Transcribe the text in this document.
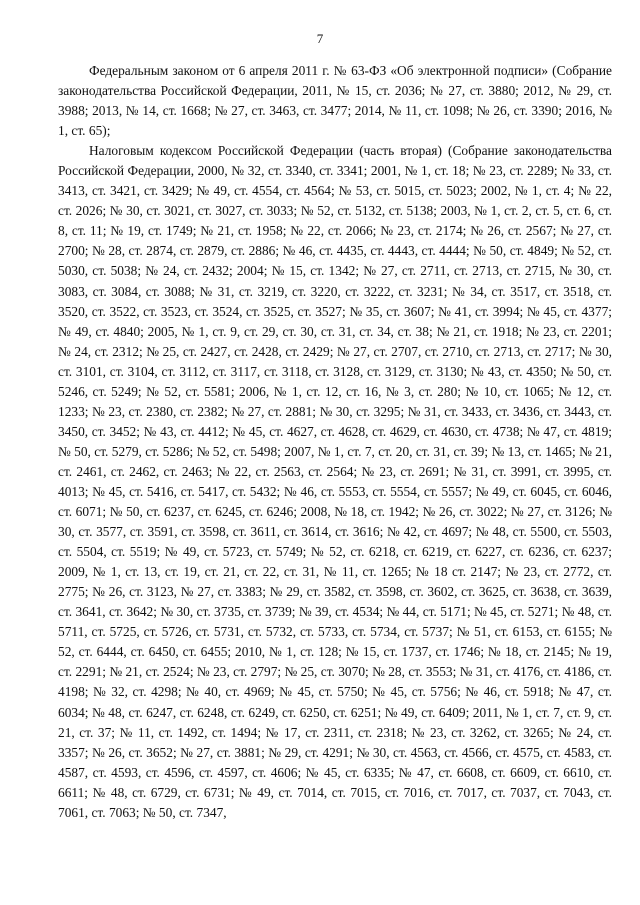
7

Федеральным законом от 6 апреля 2011 г. № 63-ФЗ «Об электронной подписи» (Собрание законодательства Российской Федерации, 2011, № 15, ст. 2036; № 27, ст. 3880; 2012, № 29, ст. 3988; 2013, № 14, ст. 1668; № 27, ст. 3463, ст. 3477; 2014, № 11, ст. 1098; № 26, ст. 3390; 2016, № 1, ст. 65);

Налоговым кодексом Российской Федерации (часть вторая) (Собрание законодательства Российской Федерации, 2000, № 32, ст. 3340, ст. 3341; 2001, № 1, ст. 18; № 23, ст. 2289; № 33, ст. 3413, ст. 3421, ст. 3429; № 49, ст. 4554, ст. 4564; № 53, ст. 5015, ст. 5023; 2002, № 1, ст. 4; № 22, ст. 2026; № 30, ст. 3021, ст. 3027, ст. 3033; № 52, ст. 5132, ст. 5138; 2003, № 1, ст. 2, ст. 5, ст. 6, ст. 8, ст. 11; № 19, ст. 1749; № 21, ст. 1958; № 22, ст. 2066; № 23, ст. 2174; № 26, ст. 2567; № 27, ст. 2700; № 28, ст. 2874, ст. 2879, ст. 2886; № 46, ст. 4435, ст. 4443, ст. 4444; № 50, ст. 4849; № 52, ст. 5030, ст. 5038; № 24, ст. 2432; 2004; № 15, ст. 1342; № 27, ст. 2711, ст. 2713, ст. 2715, № 30, ст. 3083, ст. 3084, ст. 3088; № 31, ст. 3219, ст. 3220, ст. 3222, ст. 3231; № 34, ст. 3517, ст. 3518, ст. 3520, ст. 3522, ст. 3523, ст. 3524, ст. 3525, ст. 3527; № 35, ст. 3607; № 41, ст. 3994; № 45, ст. 4377; № 49, ст. 4840; 2005, № 1, ст. 9, ст. 29, ст. 30, ст. 31, ст. 34, ст. 38; № 21, ст. 1918; № 23, ст. 2201; № 24, ст. 2312; № 25, ст. 2427, ст. 2428, ст. 2429; № 27, ст. 2707, ст. 2710, ст. 2713, ст. 2717; № 30, ст. 3101, ст. 3104, ст. 3112, ст. 3117, ст. 3118, ст. 3128, ст. 3129, ст. 3130; № 43, ст. 4350; № 50, ст. 5246, ст. 5249; № 52, ст. 5581; 2006, № 1, ст. 12, ст. 16, № 3, ст. 280; № 10, ст. 1065; № 12, ст. 1233; № 23, ст. 2380, ст. 2382; № 27, ст. 2881; № 30, ст. 3295; № 31, ст. 3433, ст. 3436, ст. 3443, ст. 3450, ст. 3452; № 43, ст. 4412; № 45, ст. 4627, ст. 4628, ст. 4629, ст. 4630, ст. 4738; № 47, ст. 4819; № 50, ст. 5279, ст. 5286; № 52, ст. 5498; 2007, № 1, ст. 7, ст. 20, ст. 31, ст. 39; № 13, ст. 1465; № 21, ст. 2461, ст. 2462, ст. 2463; № 22, ст. 2563, ст. 2564; № 23, ст. 2691; № 31, ст. 3991, ст. 3995, ст. 4013; № 45, ст. 5416, ст. 5417, ст. 5432; № 46, ст. 5553, ст. 5554, ст. 5557; № 49, ст. 6045, ст. 6046, ст. 6071; № 50, ст. 6237, ст. 6245, ст. 6246; 2008, № 18, ст. 1942; № 26, ст. 3022; № 27, ст. 3126; № 30, ст. 3577, ст. 3591, ст. 3598, ст. 3611, ст. 3614, ст. 3616; № 42, ст. 4697; № 48, ст. 5500, ст. 5503, ст. 5504, ст. 5519; № 49, ст. 5723, ст. 5749; № 52, ст. 6218, ст. 6219, ст. 6227, ст. 6236, ст. 6237; 2009, № 1, ст. 13, ст. 19, ст. 21, ст. 22, ст. 31, № 11, ст. 1265; № 18 ст. 2147; № 23, ст. 2772, ст. 2775; № 26, ст. 3123, № 27, ст. 3383; № 29, ст. 3582, ст. 3598, ст. 3602, ст. 3625, ст. 3638, ст. 3639, ст. 3641, ст. 3642; № 30, ст. 3735, ст. 3739; № 39, ст. 4534; № 44, ст. 5171; № 45, ст. 5271; № 48, ст. 5711, ст. 5725, ст. 5726, ст. 5731, ст. 5732, ст. 5733, ст. 5734, ст. 5737; № 51, ст. 6153, ст. 6155; № 52, ст. 6444, ст. 6450, ст. 6455; 2010, № 1, ст. 128; № 15, ст. 1737, ст. 1746; № 18, ст. 2145; № 19, ст. 2291; № 21, ст. 2524; № 23, ст. 2797; № 25, ст. 3070; № 28, ст. 3553; № 31, ст. 4176, ст. 4186, ст. 4198; № 32, ст. 4298; № 40, ст. 4969; № 45, ст. 5750; № 45, ст. 5756; № 46, ст. 5918; № 47, ст. 6034; № 48, ст. 6247, ст. 6248, ст. 6249, ст. 6250, ст. 6251; № 49, ст. 6409; 2011, № 1, ст. 7, ст. 9, ст. 21, ст. 37; № 11, ст. 1492, ст. 1494; № 17, ст. 2311, ст. 2318; № 23, ст. 3262, ст. 3265; № 24, ст. 3357; № 26, ст. 3652; № 27, ст. 3881; № 29, ст. 4291; № 30, ст. 4563, ст. 4566, ст. 4575, ст. 4583, ст. 4587, ст. 4593, ст. 4596, ст. 4597, ст. 4606; № 45, ст. 6335; № 47, ст. 6608, ст. 6609, ст. 6610, ст. 6611; № 48, ст. 6729, ст. 6731; № 49, ст. 7014, ст. 7015, ст. 7016, ст. 7017, ст. 7037, ст. 7043, ст. 7061, ст. 7063; № 50, ст. 7347,
